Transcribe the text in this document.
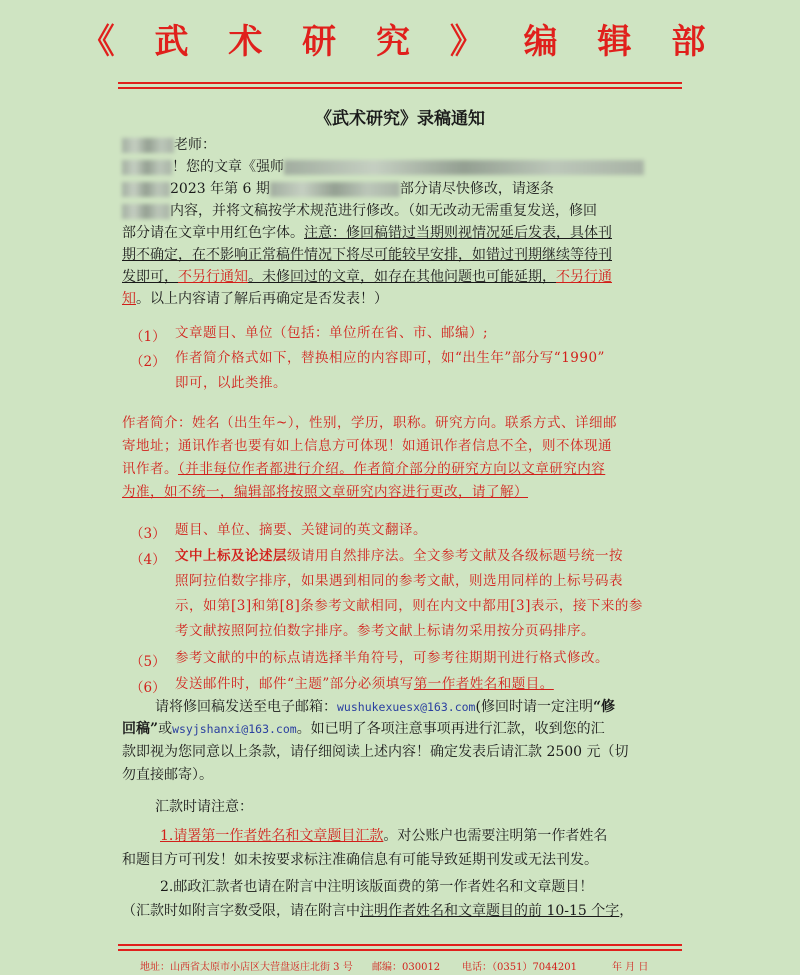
《 武 术 研 究 》 编 辑 部
《武术研究》录稿通知
老师：
！您的文章《强师
2023 年第 6 期	部分请尽快修改，请逐条
内容，并将文稿按学术规范进行修改。（如无改动无需重复发送，修回
部分请在文章中用红色字体。注意：修回稿错过当期则视情况延后发表，具体刊
期不确定，在不影响正常稿件情况下将尽可能较早安排，如错过刊期继续等待刊
发即可，不另行通知。未修回过的文章，如存在其他问题也可能延期，不另行通
知。以上内容请了解后再确定是否发表！）
（1） 文章题目、单位（包括：单位所在省、市、邮编）;
（2） 作者简介格式如下，替换相应的内容即可，如“出生年”部分写“1990”
即可，以此类推。
作者简介：姓名（出生年~），性别，学历，职称。研究方向。联系方式、详细邮
寄地址；通讯作者也要有如上信息方可体现！如通讯作者信息不全，则不体现通
讯作者。（并非每位作者都进行介绍。作者简介部分的研究方向以文章研究内容
为准，如不统一，编辑部将按照文章研究内容进行更改，请了解）
（3） 题目、单位、摘要、关键词的英文翻译。
（4） 文中上标及论述层级请用自然排序法。全文参考文献及各级标题号统一按
照阿拉伯数字排序，如果遇到相同的参考文献，则选用同样的上标号码表
示，如第[3]和第[8]条参考文献相同，则在内文中都用[3]表示，接下来的参
考文献按照阿拉伯数字排序。参考文献上标请勿采用按分页码排序。
（5） 参考文献的中的标点请选择半角符号，可参考往期期刊进行格式修改。
（6） 发送邮件时，邮件“主题”部分必须填写第一作者姓名和题目。
请将修回稿发送至电子邮箱：wushukexuesx@163.com(修回时请一定注明“修
回稿”或wsyjshanxi@163.com。如已明了各项注意事项再进行汇款，收到您的汇
款即视为您同意以上条款，请仔细阅读上述内容！确定发表后请汇款 2500 元（切
勿直接邮寄）。
汇款时请注意：
1.请署第一作者姓名和文章题目汇款。对公账户也需要注明第一作者姓名
和题目方可刊发！如未按要求标注准确信息有可能导致延期刊发或无法刊发。
2.邮政汇款者也请在附言中注明该版面费的第一作者姓名和文章题目！
（汇款时如附言字数受限，请在附言中注明作者姓名和文章题目的前 10-15 个字，
地址：山西省太原市小店区大营盘返庄北街 3 号 邮编：030012 电话：（0351）7044201	年 月 日
